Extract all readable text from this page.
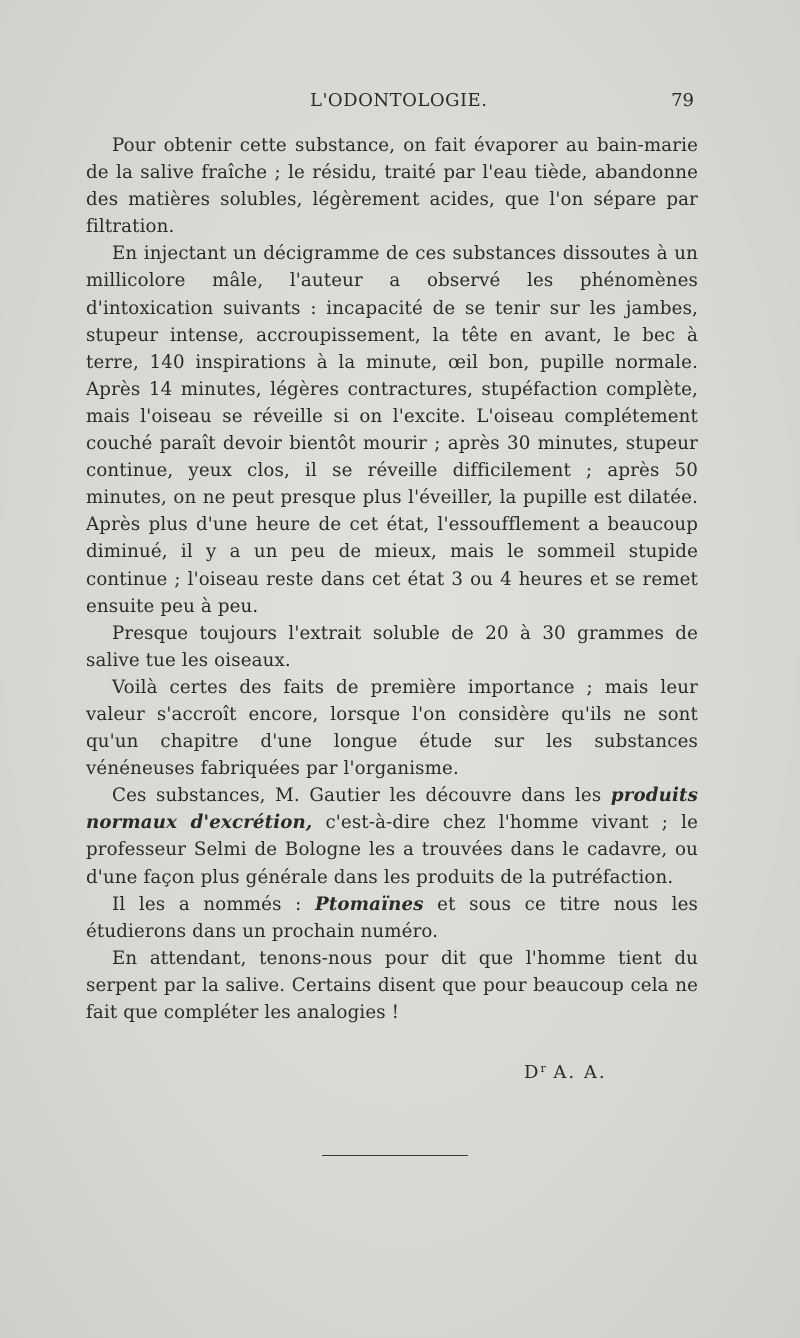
L'ODONTOLOGIE.	79

Pour obtenir cette substance, on fait évaporer au bain-marie de la salive fraîche ; le résidu, traité par l'eau tiède, abandonne des matières solubles, légèrement acides, que l'on sépare par filtration.

En injectant un décigramme de ces substances dissoutes à un millicolore mâle, l'auteur a observé les phénomènes d'intoxication suivants : incapacité de se tenir sur les jambes, stupeur intense, accroupissement, la tête en avant, le bec à terre, 140 inspirations à la minute, œil bon, pupille normale. Après 14 minutes, légères contractures, stupéfaction complète, mais l'oiseau se réveille si on l'excite. L'oiseau complétement couché paraît devoir bientôt mourir ; après 30 minutes, stupeur continue, yeux clos, il se réveille difficilement ; après 50 minutes, on ne peut presque plus l'éveiller, la pupille est dilatée. Après plus d'une heure de cet état, l'essoufflement a beaucoup diminué, il y a un peu de mieux, mais le sommeil stupide continue ; l'oiseau reste dans cet état 3 ou 4 heures et se remet ensuite peu à peu.

Presque toujours l'extrait soluble de 20 à 30 grammes de salive tue les oiseaux.

Voilà certes des faits de première importance ; mais leur valeur s'accroît encore, lorsque l'on considère qu'ils ne sont qu'un chapitre d'une longue étude sur les substances vénéneuses fabriquées par l'organisme.

Ces substances, M. Gautier les découvre dans les produits normaux d'excrétion, c'est-à-dire chez l'homme vivant ; le professeur Selmi de Bologne les a trouvées dans le cadavre, ou d'une façon plus générale dans les produits de la putréfaction.

Il les a nommés : Ptomaïnes et sous ce titre nous les étudierons dans un prochain numéro.

En attendant, tenons-nous pour dit que l'homme tient du serpent par la salive. Certains disent que pour beaucoup cela ne fait que compléter les analogies !

$D^r$ A. A.
